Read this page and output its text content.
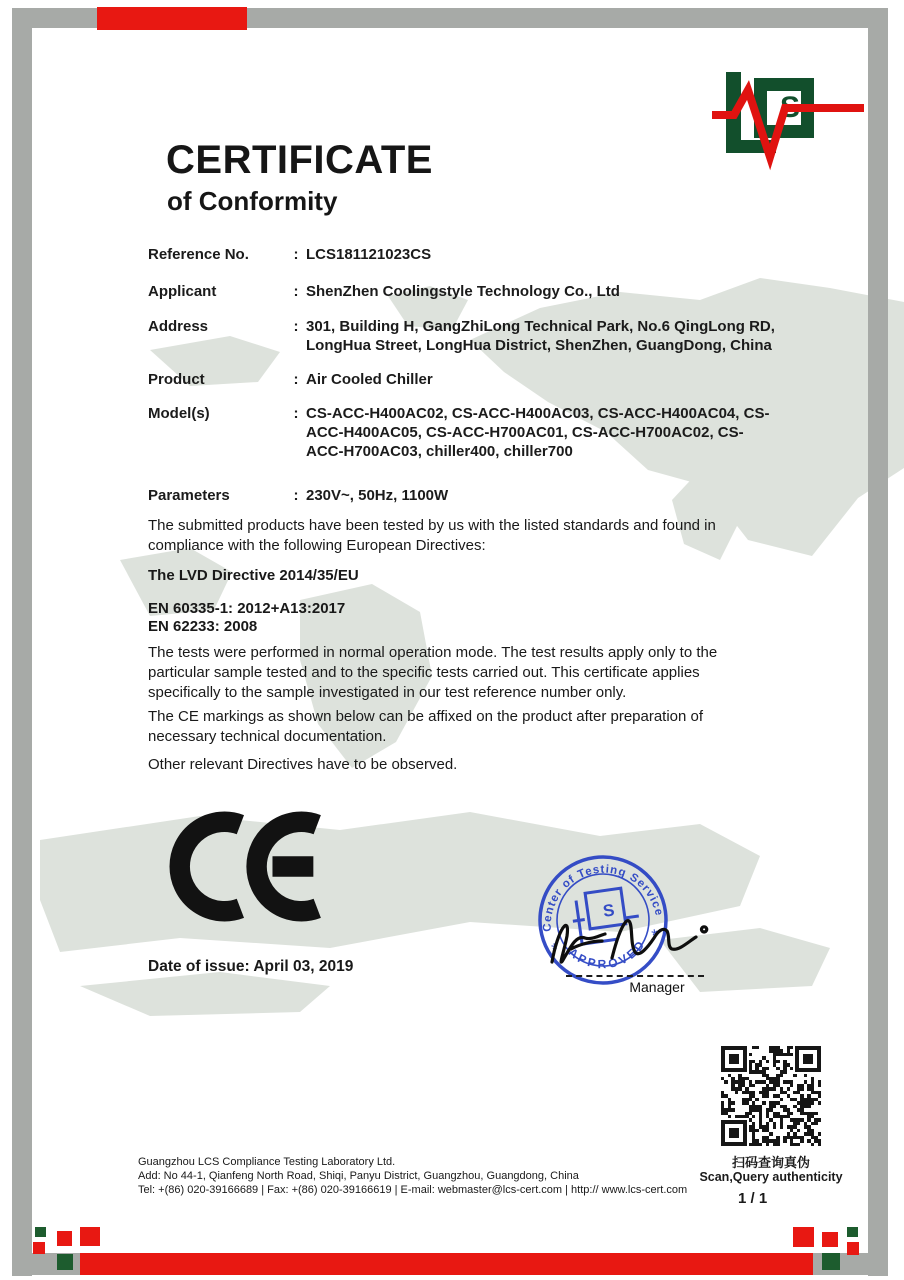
S
CERTIFICATE
of Conformity
Reference No.	: LCS181121023CS
Applicant	: ShenZhen Coolingstyle Technology Co., Ltd
Address	: 301, Building H, GangZhiLong Technical Park, No.6 QingLong RD, LongHua Street, LongHua District, ShenZhen, GuangDong, China
Product	: Air Cooled Chiller
Model(s)	: CS-ACC-H400AC02, CS-ACC-H400AC03, CS-ACC-H400AC04, CS-ACC-H400AC05, CS-ACC-H700AC01, CS-ACC-H700AC02, CS-ACC-H700AC03, chiller400, chiller700
Parameters	: 230V~, 50Hz, 1100W
The submitted products have been tested by us with the listed standards and found in compliance with the following European Directives:
The LVD Directive 2014/35/EU
EN 60335-1: 2012+A13:2017
EN 62233: 2008
The tests were performed in normal operation mode. The test results apply only to the particular sample tested and to the specific tests carried out. This certificate applies specifically to the sample investigated in our test reference number only.
The CE markings as shown below can be affixed on the product after preparation of necessary technical documentation.
Other relevant Directives have to be observed.
Date of issue: April 03, 2019
Center of Testing Service
APPROVED
*
*
S
Manager
扫码查询真伪
Scan,Query authenticity
1 / 1
Guangzhou LCS Compliance Testing Laboratory Ltd.
Add: No 44-1, Qianfeng North Road, Shiqi, Panyu District, Guangzhou, Guangdong, China
Tel: +(86) 020-39166689 | Fax: +(86) 020-39166619 | E-mail: webmaster@lcs-cert.com | http:// www.lcs-cert.com
